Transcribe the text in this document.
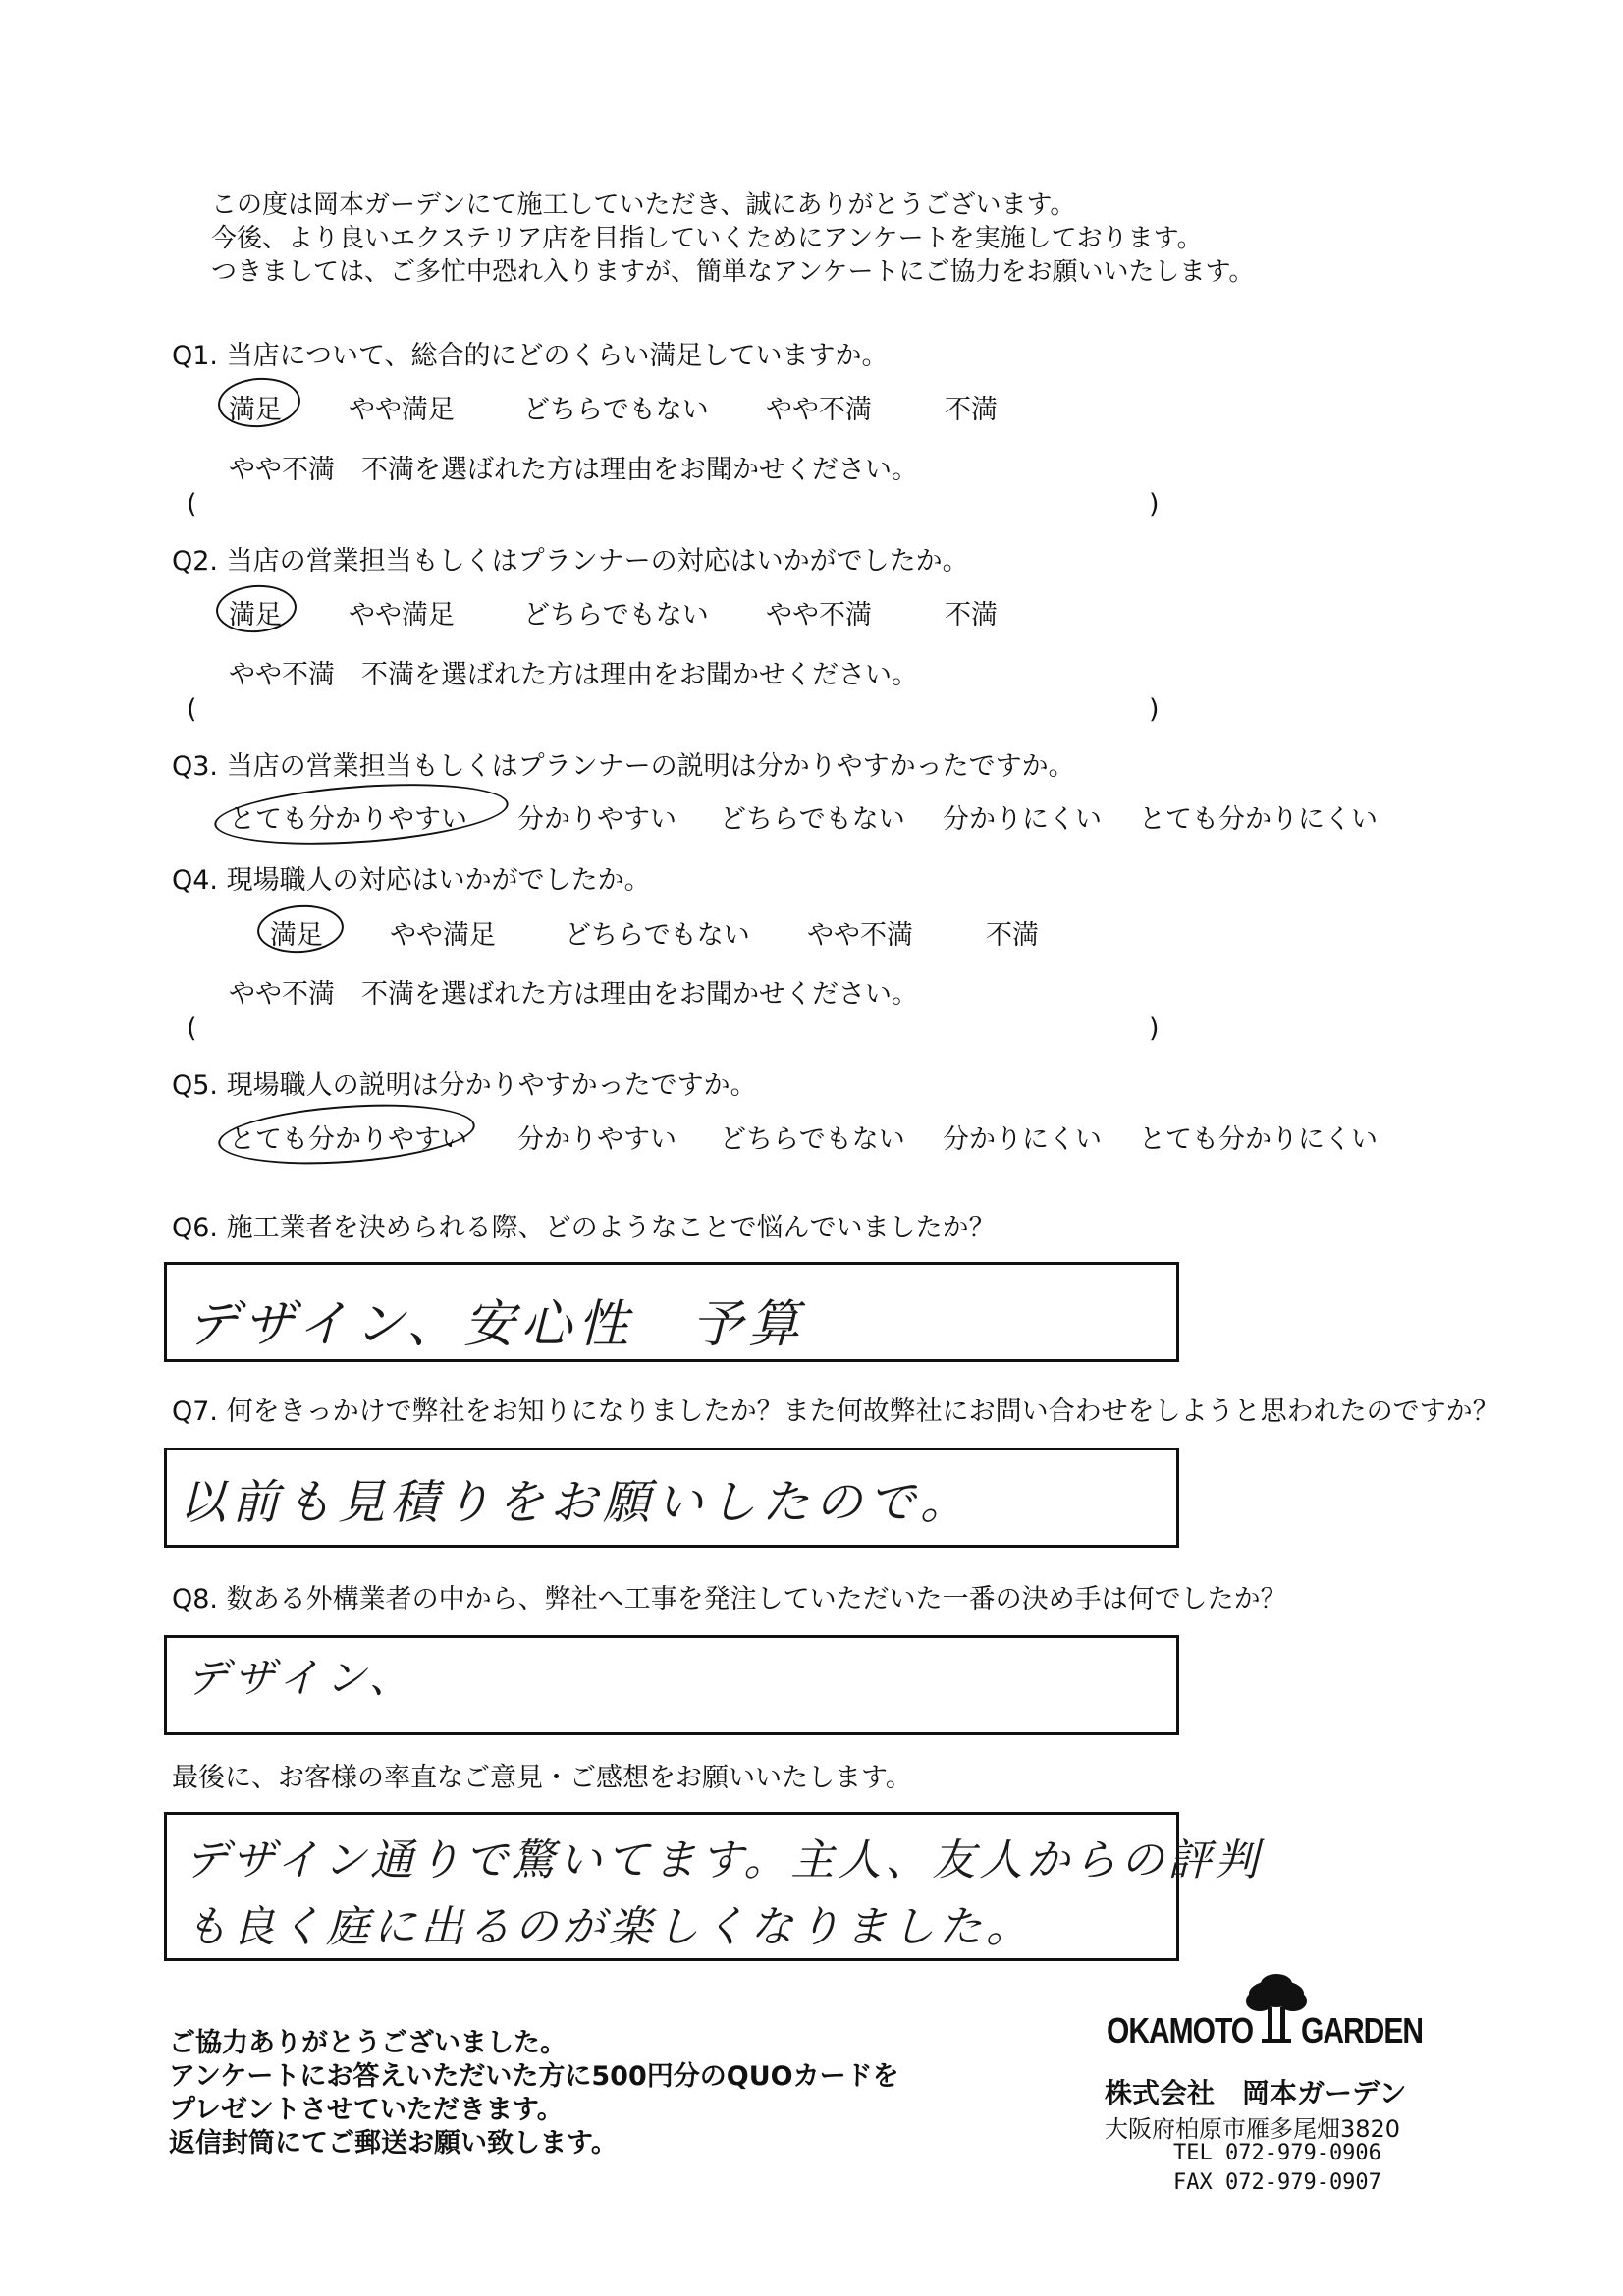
この度は岡本ガーデンにて施工していただき、誠にありがとうございます。
今後、より良いエクステリア店を目指していくためにアンケートを実施しております。
つきましては、ご多忙中恐れ入りますが、簡単なアンケートにご協力をお願いいたします。
Q1. 当店について、総合的にどのくらい満足していますか。
満足	やや満足	どちらでもない やや不満	不満
やや不満　不満を選ばれた方は理由をお聞かせください。
(	)
Q2. 当店の営業担当もしくはプランナーの対応はいかがでしたか。
満足	やや満足	どちらでもない やや不満	不満
やや不満　不満を選ばれた方は理由をお聞かせください。
(	)
Q3. 当店の営業担当もしくはプランナーの説明は分かりやすかったですか。
とても分かりやすい 分かりやすい どちらでもない 分かりにくい とても分かりにくい
Q4. 現場職人の対応はいかがでしたか。
満足	やや満足	どちらでもない やや不満	不満
やや不満　不満を選ばれた方は理由をお聞かせください。
(	)
Q5. 現場職人の説明は分かりやすかったですか。
とても分かりやすい 分かりやすい どちらでもない 分かりにくい とても分かりにくい
Q6. 施工業者を決められる際、どのようなことで悩んでいましたか？
デザイン、安心性　予算
Q7. 何をきっかけで弊社をお知りになりましたか？また何故弊社にお問い合わせをしようと思われたのですか？
以前も見積りをお願いしたので。
Q8. 数ある外構業者の中から、弊社へ工事を発注していただいた一番の決め手は何でしたか？
デザイン、
最後に、お客様の率直なご意見・ご感想をお願いいたします。
デザイン通りで驚いてます。主人、友人からの評判
も良く庭に出るのが楽しくなりました。
ご協力ありがとうございました。
アンケートにお答えいただいた方に500円分のQUOカードを
プレゼントさせていただきます。
返信封筒にてご郵送お願い致します。
OKAMOTO GARDEN
株式会社　岡本ガーデン
大阪府柏原市雁多尾畑3820
TEL 072-979-0906
FAX 072-979-0907
